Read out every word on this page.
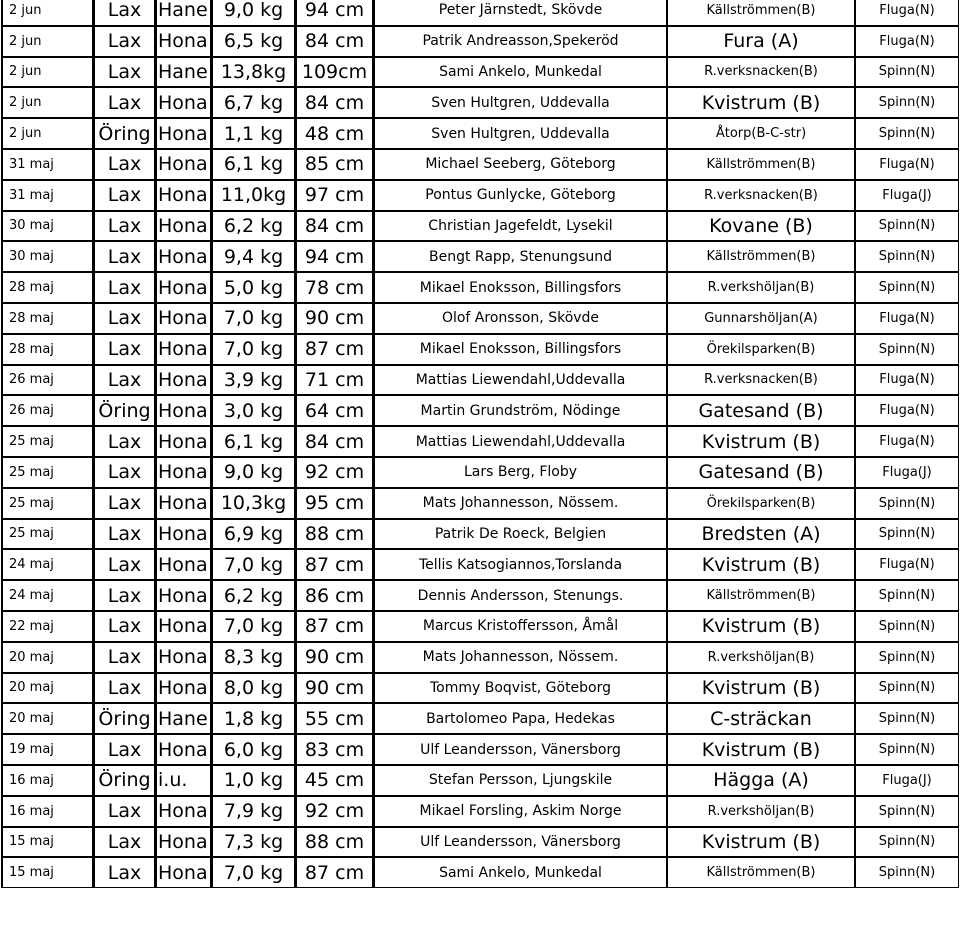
2 jun	Lax	Hane	9,0 kg	94 cm	Peter Järnstedt, Skövde	Källströmmen(B)	Fluga(N)
2 jun	Lax	Hona	6,5 kg	84 cm	Patrik Andreasson,Spekeröd	Fura (A)	Fluga(N)
2 jun	Lax	Hane	13,8kg	109cm	Sami Ankelo, Munkedal	R.verksnacken(B)	Spinn(N)
2 jun	Lax	Hona	6,7 kg	84 cm	Sven Hultgren, Uddevalla	Kvistrum (B)	Spinn(N)
2 jun	Öring	Hona	1,1 kg	48 cm	Sven Hultgren, Uddevalla	Åtorp(B-C-str)	Spinn(N)
31 maj	Lax	Hona	6,1 kg	85 cm	Michael Seeberg, Göteborg	Källströmmen(B)	Fluga(N)
31 maj	Lax	Hona	11,0kg	97 cm	Pontus Gunlycke, Göteborg	R.verksnacken(B)	Fluga(J)
30 maj	Lax	Hona	6,2 kg	84 cm	Christian Jagefeldt, Lysekil	Kovane (B)	Spinn(N)
30 maj	Lax	Hona	9,4 kg	94 cm	Bengt Rapp, Stenungsund	Källströmmen(B)	Spinn(N)
28 maj	Lax	Hona	5,0 kg	78 cm	Mikael Enoksson, Billingsfors	R.verkshöljan(B)	Spinn(N)
28 maj	Lax	Hona	7,0 kg	90 cm	Olof Aronsson, Skövde	Gunnarshöljan(A)	Fluga(N)
28 maj	Lax	Hona	7,0 kg	87 cm	Mikael Enoksson, Billingsfors	Örekilsparken(B)	Spinn(N)
26 maj	Lax	Hona	3,9 kg	71 cm	Mattias Liewendahl,Uddevalla	R.verksnacken(B)	Fluga(N)
26 maj	Öring	Hona	3,0 kg	64 cm	Martin Grundström, Nödinge	Gatesand (B)	Fluga(N)
25 maj	Lax	Hona	6,1 kg	84 cm	Mattias Liewendahl,Uddevalla	Kvistrum (B)	Fluga(N)
25 maj	Lax	Hona	9,0 kg	92 cm	Lars Berg, Floby	Gatesand (B)	Fluga(J)
25 maj	Lax	Hona	10,3kg	95 cm	Mats Johannesson, Nössem.	Örekilsparken(B)	Spinn(N)
25 maj	Lax	Hona	6,9 kg	88 cm	Patrik De Roeck, Belgien	Bredsten (A)	Spinn(N)
24 maj	Lax	Hona	7,0 kg	87 cm	Tellis Katsogiannos,Torslanda	Kvistrum (B)	Fluga(N)
24 maj	Lax	Hona	6,2 kg	86 cm	Dennis Andersson, Stenungs.	Källströmmen(B)	Spinn(N)
22 maj	Lax	Hona	7,0 kg	87 cm	Marcus Kristoffersson, Åmål	Kvistrum (B)	Spinn(N)
20 maj	Lax	Hona	8,3 kg	90 cm	Mats Johannesson, Nössem.	R.verkshöljan(B)	Spinn(N)
20 maj	Lax	Hona	8,0 kg	90 cm	Tommy Boqvist, Göteborg	Kvistrum (B)	Spinn(N)
20 maj	Öring	Hane	1,8 kg	55 cm	Bartolomeo Papa, Hedekas	C-sträckan	Spinn(N)
19 maj	Lax	Hona	6,0 kg	83 cm	Ulf Leandersson, Vänersborg	Kvistrum (B)	Spinn(N)
16 maj	Öring	i.u.	1,0 kg	45 cm	Stefan Persson, Ljungskile	Hägga (A)	Fluga(J)
16 maj	Lax	Hona	7,9 kg	92 cm	Mikael Forsling, Askim Norge	R.verkshöljan(B)	Spinn(N)
15 maj	Lax	Hona	7,3 kg	88 cm	Ulf Leandersson, Vänersborg	Kvistrum (B)	Spinn(N)
15 maj	Lax	Hona	7,0 kg	87 cm	Sami Ankelo, Munkedal	Källströmmen(B)	Spinn(N)
